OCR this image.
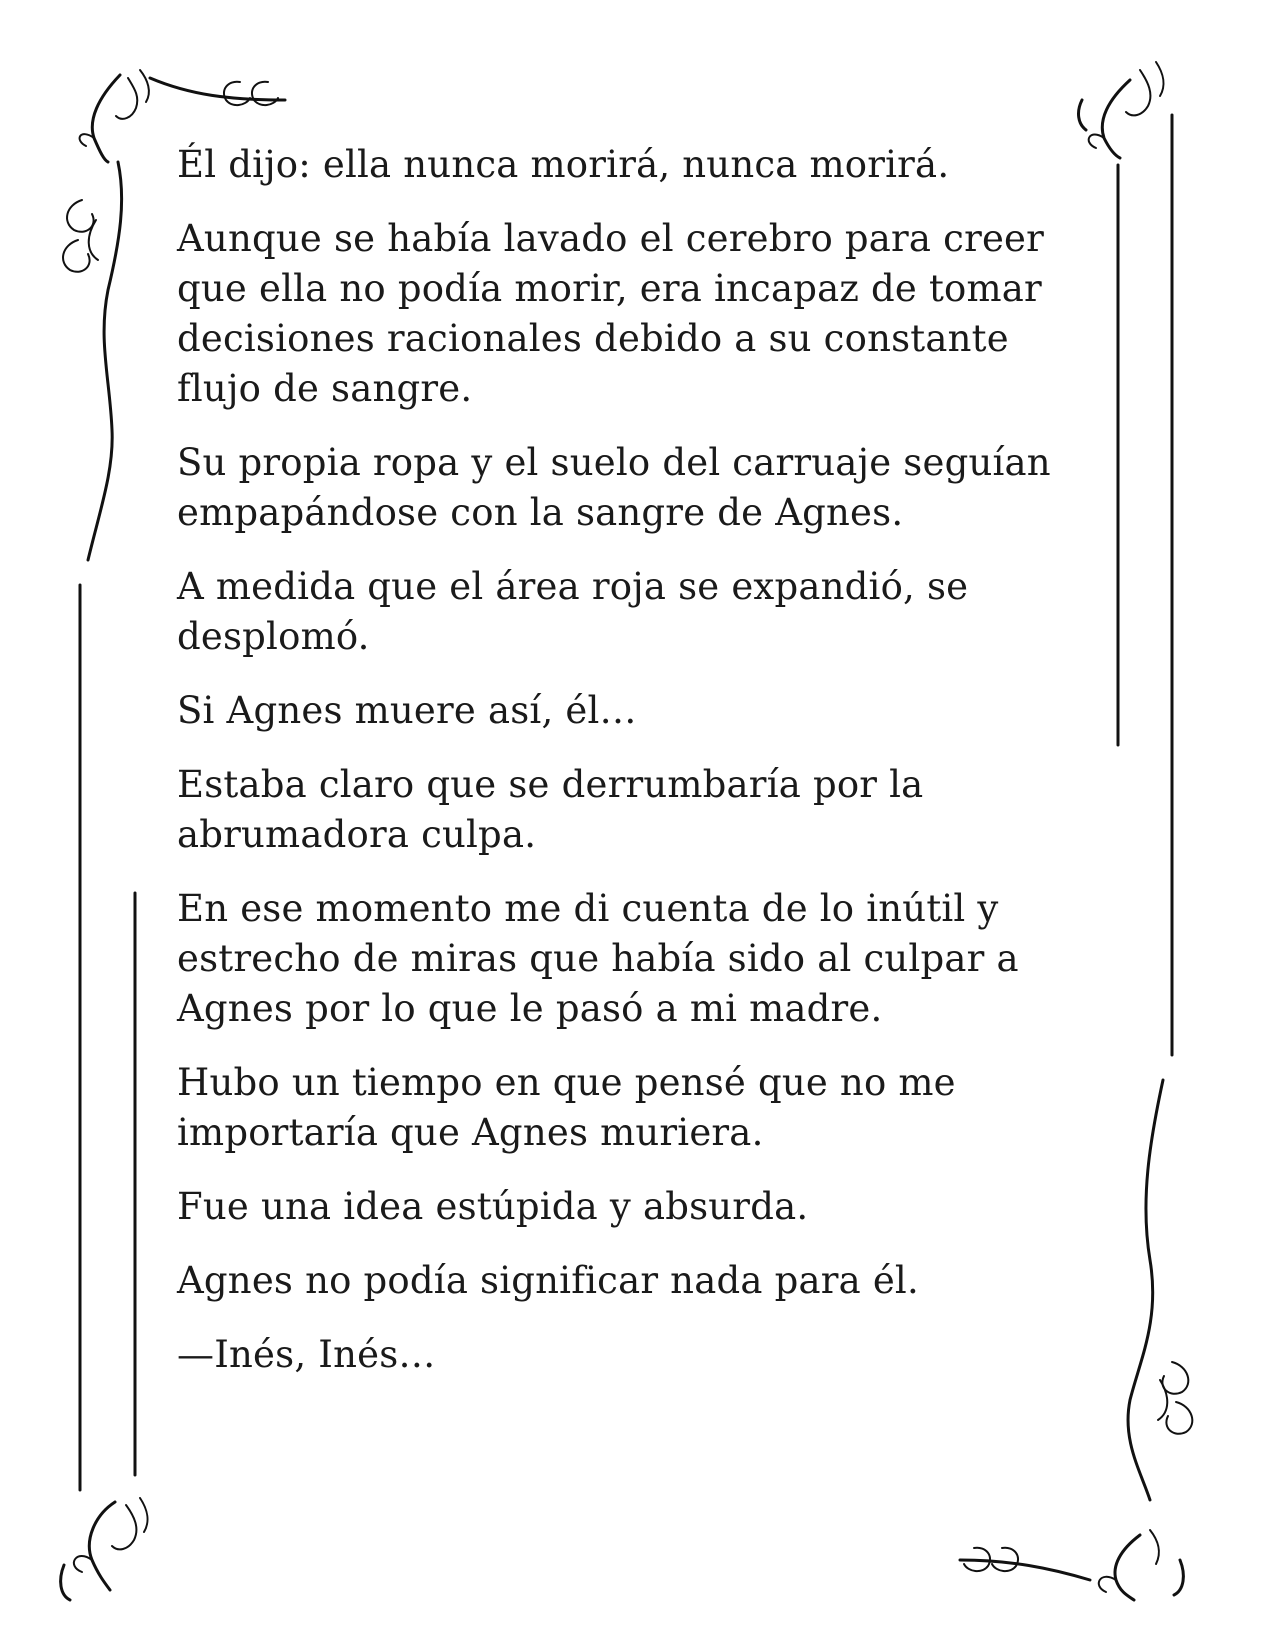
Él dijo: ella nunca morirá, nunca morirá.

Aunque se había lavado el cerebro para creer que ella no podía morir, era incapaz de tomar decisiones racionales debido a su constante flujo de sangre.

Su propia ropa y el suelo del carruaje seguían empapándose con la sangre de Agnes.

A medida que el área roja se expandió, se desplomó.

Si Agnes muere así, él…

Estaba claro que se derrumbaría por la abrumadora culpa.

En ese momento me di cuenta de lo inútil y estrecho de miras que había sido al culpar a Agnes por lo que le pasó a mi madre.

Hubo un tiempo en que pensé que no me importaría que Agnes muriera.

Fue una idea estúpida y absurda.

Agnes no podía significar nada para él.

—Inés, Inés…
